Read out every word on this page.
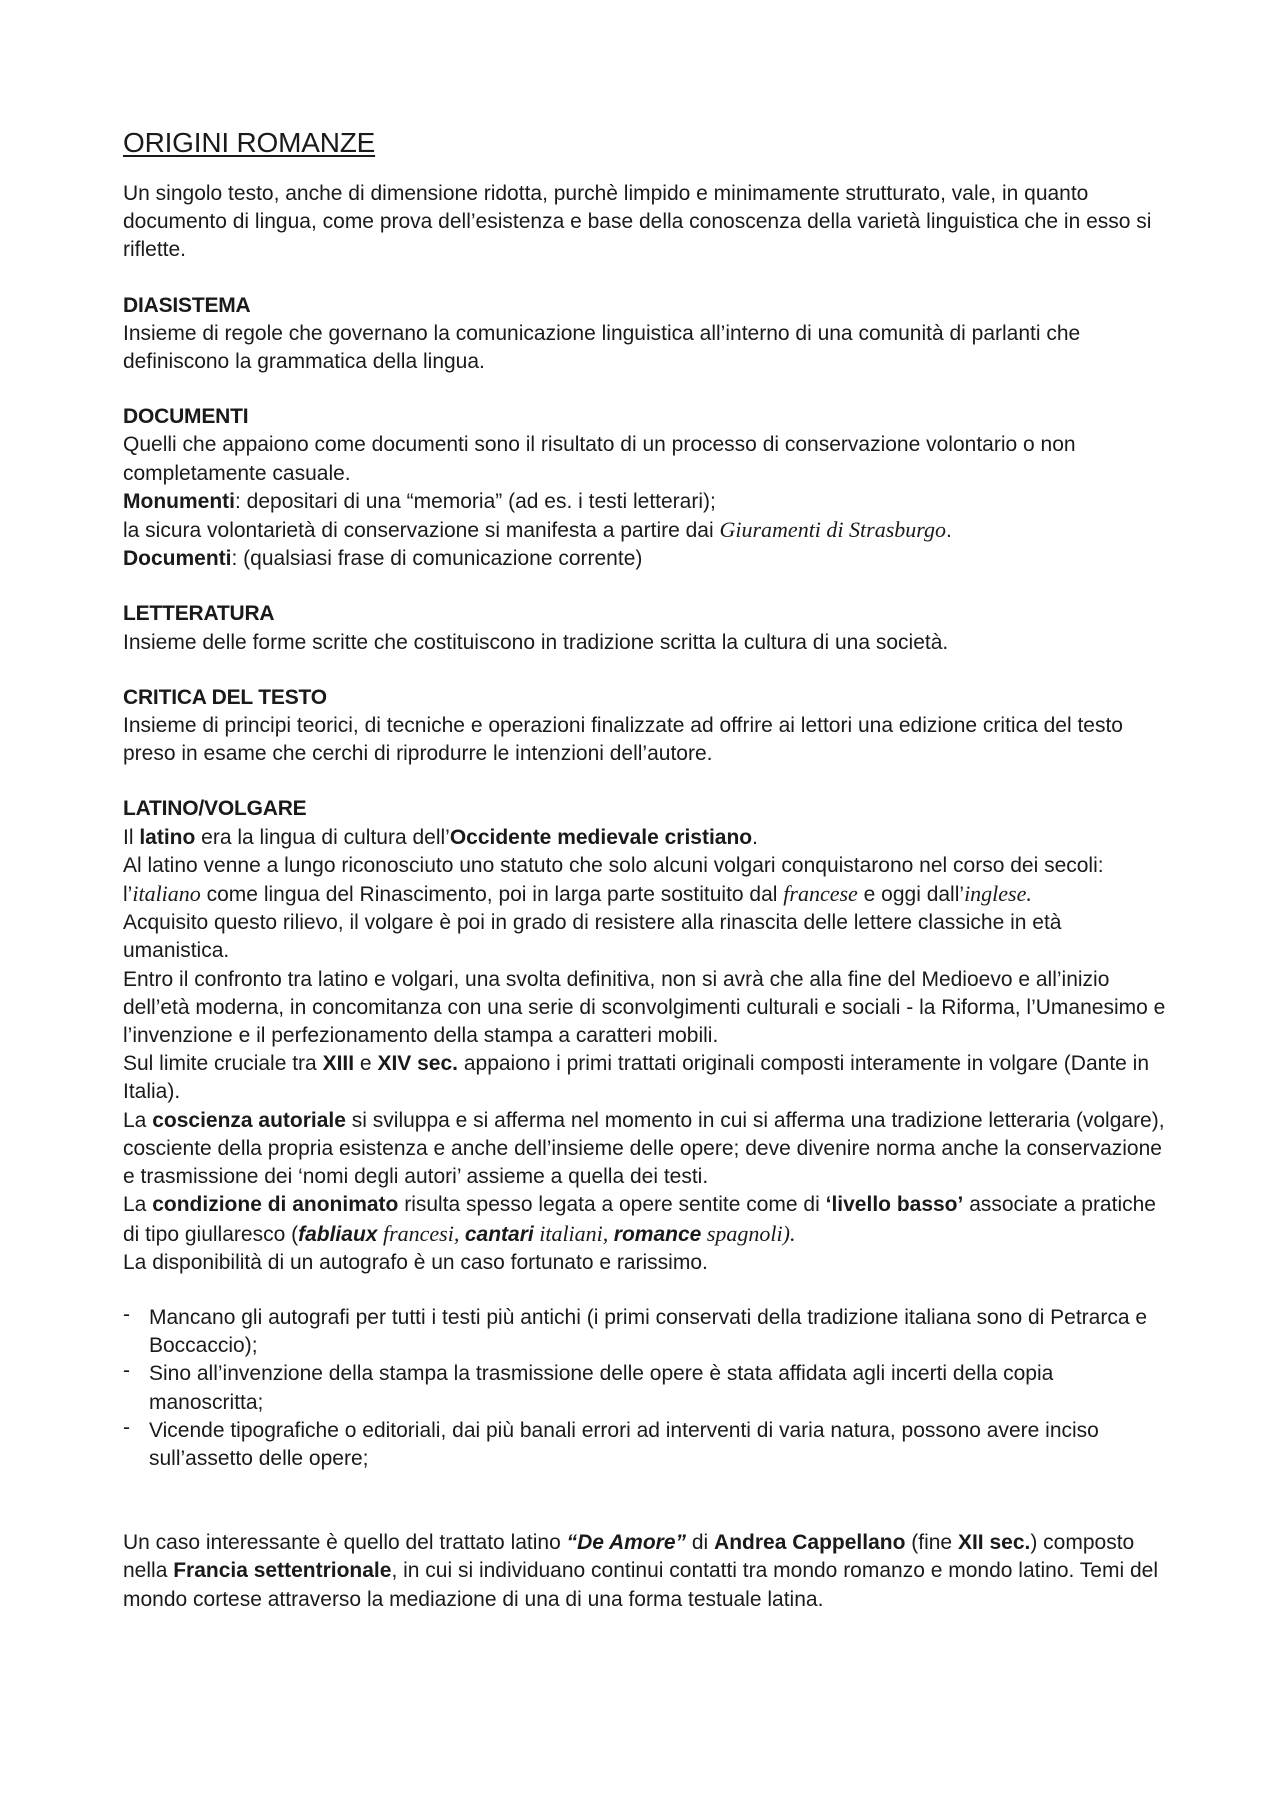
ORIGINI ROMANZE

Un singolo testo, anche di dimensione ridotta, purchè limpido e minimamente strutturato, vale, in quanto documento di lingua, come prova dell’esistenza e base della conoscenza della varietà linguistica che in esso si riflette.

DIASISTEMA

Insieme di regole che governano la comunicazione linguistica all’interno di una comunità di parlanti che definiscono la grammatica della lingua.

DOCUMENTI

Quelli che appaiono come documenti sono il risultato di un processo di conservazione volontario o non completamente casuale.

Monumenti: depositari di una “memoria” (ad es. i testi letterari);

la sicura volontarietà di conservazione si manifesta a partire dai Giuramenti di Strasburgo.

Documenti: (qualsiasi frase di comunicazione corrente)

LETTERATURA

Insieme delle forme scritte che costituiscono in tradizione scritta la cultura di una società.

CRITICA DEL TESTO

Insieme di principi teorici, di tecniche e operazioni finalizzate ad offrire ai lettori una edizione critica del testo preso in esame che cerchi di riprodurre le intenzioni dell’autore.

LATINO/VOLGARE

Il latino era la lingua di cultura dell’Occidente medievale cristiano.

Al latino venne a lungo riconosciuto uno statuto che solo alcuni volgari conquistarono nel corso dei secoli: l’italiano come lingua del Rinascimento, poi in larga parte sostituito dal francese e oggi dall’inglese.

Acquisito questo rilievo, il volgare è poi in grado di resistere alla rinascita delle lettere classiche in età umanistica.

Entro il confronto tra latino e volgari, una svolta definitiva, non si avrà che alla fine del Medioevo e all’inizio dell’età moderna, in concomitanza con una serie di sconvolgimenti culturali e sociali - la Riforma, l’Umanesimo e l’invenzione e il perfezionamento della stampa a caratteri mobili.

Sul limite cruciale tra XIII e XIV sec. appaiono i primi trattati originali composti interamente in volgare (Dante in Italia).

La coscienza autoriale si sviluppa e si afferma nel momento in cui si afferma una tradizione letteraria (volgare), cosciente della propria esistenza e anche dell’insieme delle opere; deve divenire norma anche la conservazione e trasmissione dei ‘nomi degli autori’ assieme a quella dei testi.

La condizione di anonimato risulta spesso legata a opere sentite come di ‘livello basso’ associate a pratiche di tipo giullaresco (fabliaux francesi, cantari italiani, romance spagnoli).

La disponibilità di un autografo è un caso fortunato e rarissimo.

- Mancano gli autografi per tutti i testi più antichi (i primi conservati della tradizione italiana sono di Petrarca e Boccaccio);
- Sino all’invenzione della stampa la trasmissione delle opere è stata affidata agli incerti della copia manoscritta;
- Vicende tipografiche o editoriali, dai più banali errori ad interventi di varia natura, possono avere inciso sull’assetto delle opere;

Un caso interessante è quello del trattato latino “De Amore” di Andrea Cappellano (fine XII sec.) composto nella Francia settentrionale, in cui si individuano continui contatti tra mondo romanzo e mondo latino. Temi del mondo cortese attraverso la mediazione di una di una forma testuale latina.
